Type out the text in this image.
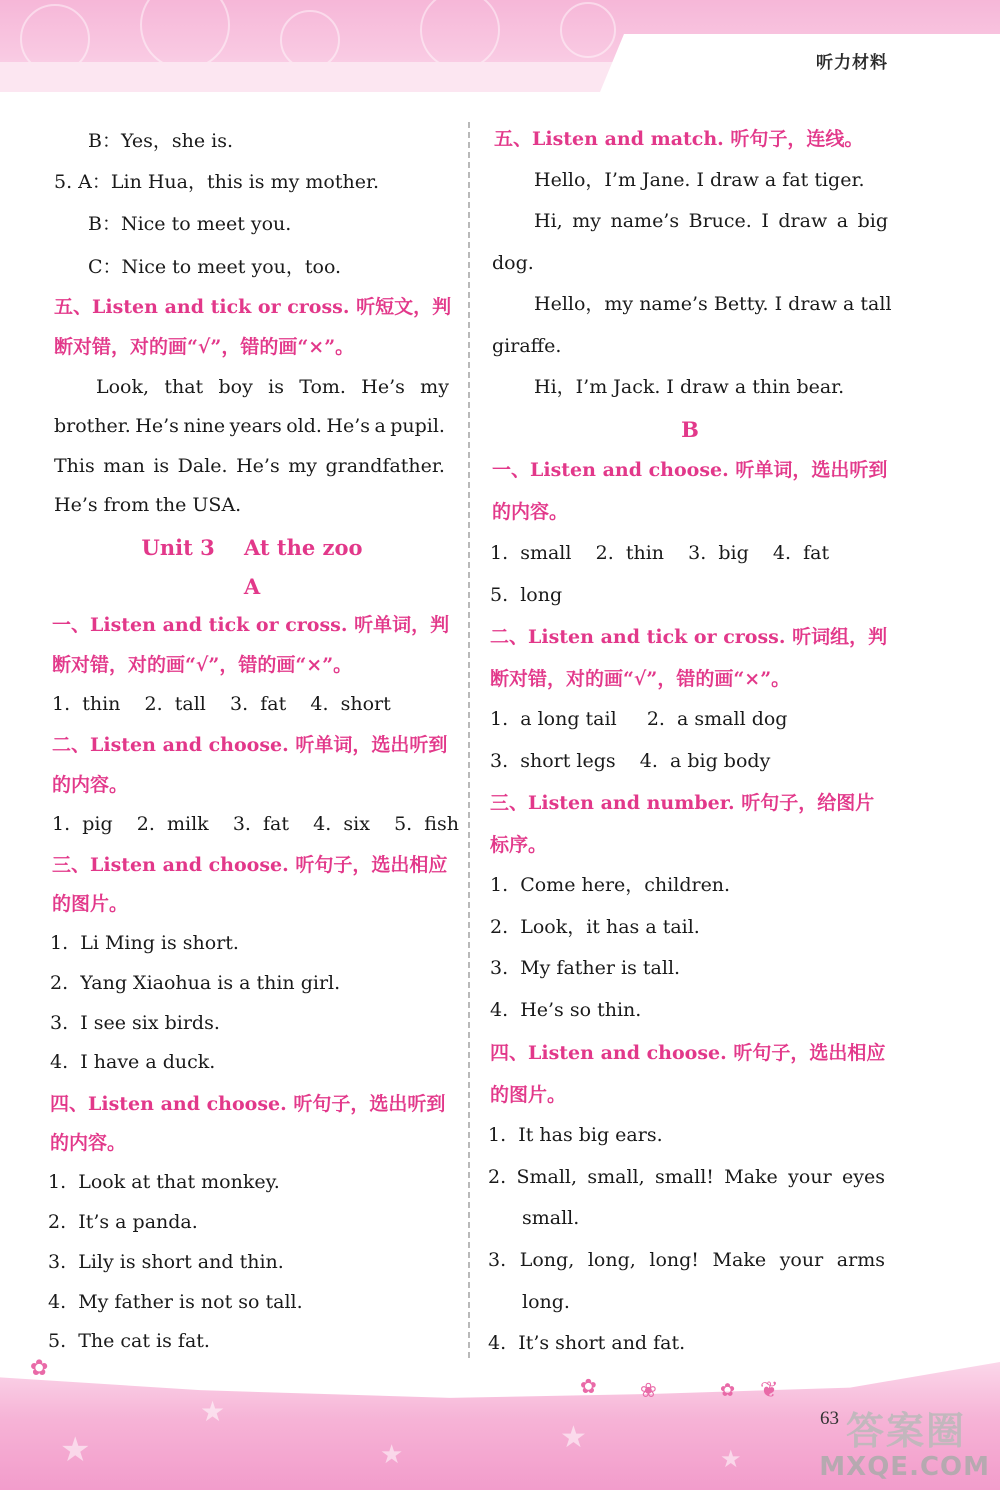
听力材料
B：Yes，she is.
5. A：Lin Hua，this is my mother.
B：Nice to meet you.
C：Nice to meet you，too.
五、Listen and tick or cross. 听短文，判
断对错，对的画“√”，错的画“×”。
Look, that boy is Tom. He’s my
brother. He’s nine years old. He’s a pupil.
This man is Dale. He’s my grandfather.
He’s from the USA.
Unit 3    At the zoo
A
一、Listen and tick or cross. 听单词，判
断对错，对的画“√”，错的画“×”。
1.  thin    2.  tall    3.  fat    4.  short
二、Listen and choose. 听单词，选出听到
的内容。
1.  pig    2.  milk    3.  fat    4.  six    5.  fish
三、Listen and choose. 听句子，选出相应
的图片。
1.  Li Ming is short.
2.  Yang Xiaohua is a thin girl.
3.  I see six birds.
4.  I have a duck.
四、Listen and choose. 听句子，选出听到
的内容。
1.  Look at that monkey.
2.  It’s a panda.
3.  Lily is short and thin.
4.  My father is not so tall.
5.  The cat is fat.
五、Listen and match. 听句子，连线。
Hello，I’m Jane. I draw a fat tiger.
Hi, my name’s Bruce. I draw a big
dog.
Hello，my name’s Betty. I draw a tall
giraffe.
Hi，I’m Jack. I draw a thin bear.
B
一、Listen and choose. 听单词，选出听到
的内容。
1.  small    2.  thin    3.  big    4.  fat
5.  long
二、Listen and tick or cross. 听词组，判
断对错，对的画“√”，错的画“×”。
1.  a long tail     2.  a small dog
3.  short legs    4.  a big body
三、Listen and number. 听句子，给图片
标序。
1.  Come here，children.
2.  Look，it has a tail.
3.  My father is tall.
4.  He’s so thin.
四、Listen and choose. 听句子，选出相应
的图片。
1.  It has big ears.
2. Small, small, small! Make your eyes
small.
3. Long, long, long! Make your arms
long.
4.  It’s short and fat.
★
★
★	★
★
✿
✿ ❀	✿ ❦
63 答案圈
MXQE.COM
